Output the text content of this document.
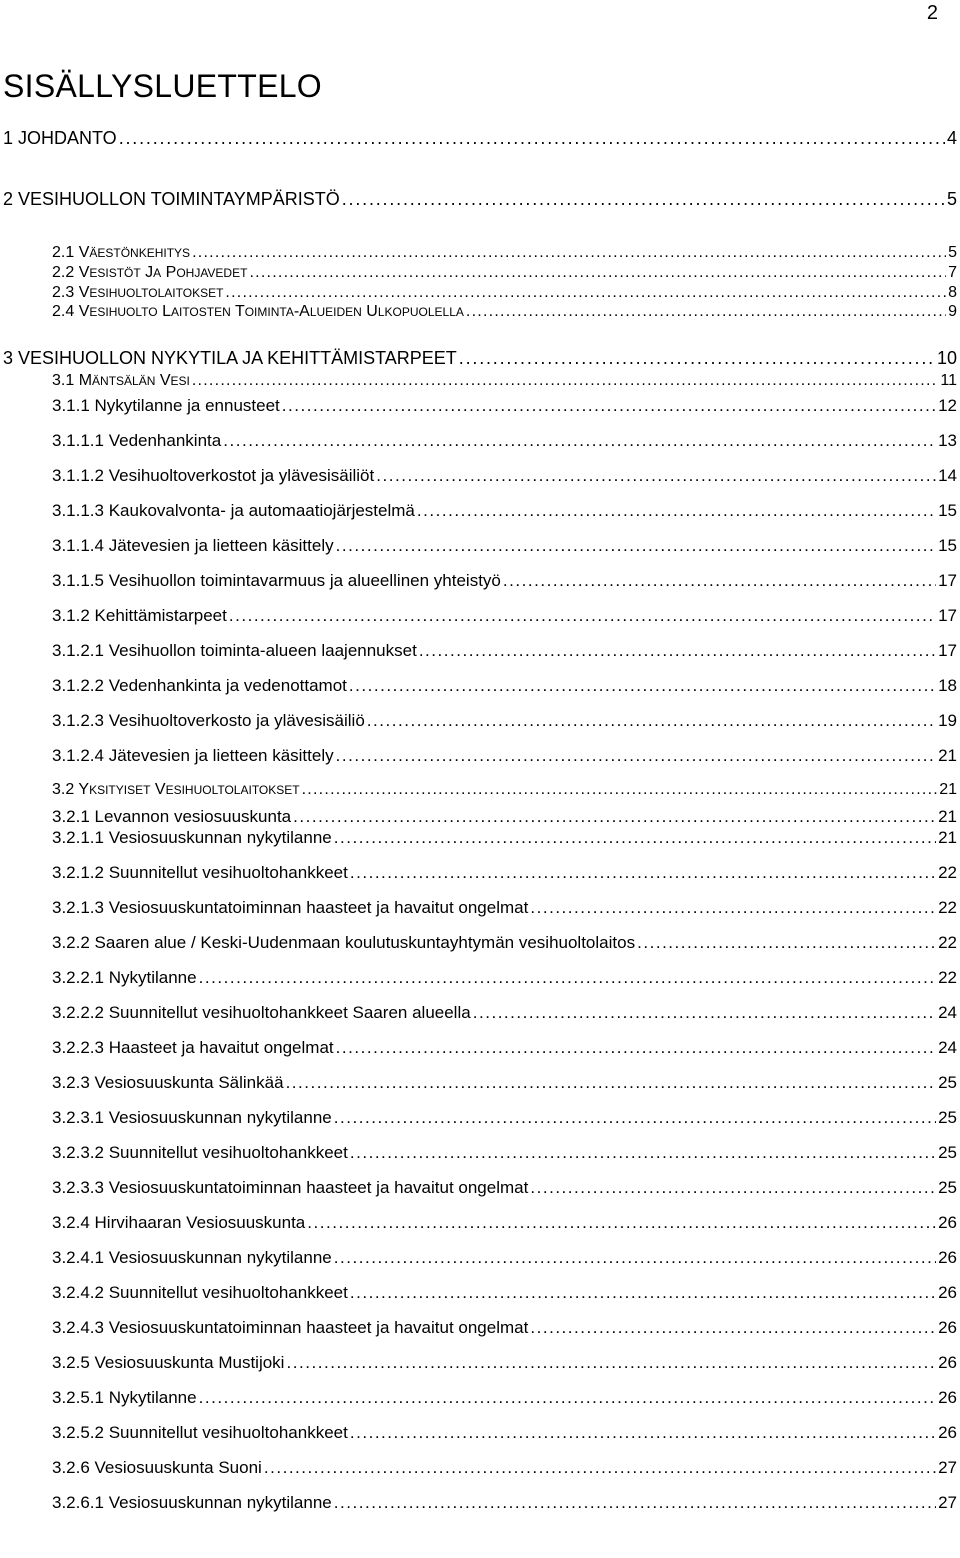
2
SISÄLLYSLUETTELO
1 JOHDANTO . . .	4
2 VESIHUOLLON TOIMINTAYMPÄRISTÖ . . .	5
2.1 VÄESTÖNKEHITYS . . .	5
2.2 VESISTÖT JA POHJAVEDET . . .	7
2.3 VESIHUOLTOLAITOKSET . . .	8
2.4 VESIHUOLTO LAITOSTEN TOIMINTA-ALUEIDEN ULKOPUOLELLA . . .	9
3 VESIHUOLLON NYKYTILA JA KEHITTÄMISTARPEET . . .	10
3.1 MÄNTSÄLÄN VESI . . .	11
3.1.1 Nykytilanne ja ennusteet . . .	12
3.1.1.1 Vedenhankinta . . .	13
3.1.1.2 Vesihuoltoverkostot ja ylävesisäiliöt . . .	14
3.1.1.3 Kaukovalvonta- ja automaatiojärjestelmä . . .	15
3.1.1.4 Jätevesien ja lietteen käsittely . . .	15
3.1.1.5 Vesihuollon toimintavarmuus ja alueellinen yhteistyö . . .	17
3.1.2 Kehittämistarpeet . . .	17
3.1.2.1 Vesihuollon toiminta-alueen laajennukset . . .	17
3.1.2.2 Vedenhankinta ja vedenottamot . . .	18
3.1.2.3 Vesihuoltoverkosto ja ylävesisäiliö . . .	19
3.1.2.4 Jätevesien ja lietteen käsittely . . .	21
3.2 YKSITYISET VESIHUOLTOLAITOKSET . . .	21
3.2.1 Levannon vesiosuuskunta . . .	21
3.2.1.1 Vesiosuuskunnan nykytilanne . . .	21
3.2.1.2 Suunnitellut vesihuoltohankkeet . . .	22
3.2.1.3 Vesiosuuskuntatoiminnan haasteet ja havaitut ongelmat . . .	22
3.2.2 Saaren alue / Keski-Uudenmaan koulutuskuntayhtymän vesihuoltolaitos . . .	22
3.2.2.1 Nykytilanne . . .	22
3.2.2.2 Suunnitellut vesihuoltohankkeet Saaren alueella . . .	24
3.2.2.3 Haasteet ja havaitut ongelmat . . .	24
3.2.3 Vesiosuuskunta Sälinkää . . .	25
3.2.3.1 Vesiosuuskunnan nykytilanne . . .	25
3.2.3.2 Suunnitellut vesihuoltohankkeet . . .	25
3.2.3.3 Vesiosuuskuntatoiminnan haasteet ja havaitut ongelmat . . .	25
3.2.4 Hirvihaaran Vesiosuuskunta . . .	26
3.2.4.1 Vesiosuuskunnan nykytilanne . . .	26
3.2.4.2 Suunnitellut vesihuoltohankkeet . . .	26
3.2.4.3 Vesiosuuskuntatoiminnan haasteet ja havaitut ongelmat . . .	26
3.2.5 Vesiosuuskunta Mustijoki . . .	26
3.2.5.1 Nykytilanne . . .	26
3.2.5.2 Suunnitellut vesihuoltohankkeet . . .	26
3.2.6 Vesiosuuskunta Suoni . . .	27
3.2.6.1 Vesiosuuskunnan nykytilanne . . .	27
